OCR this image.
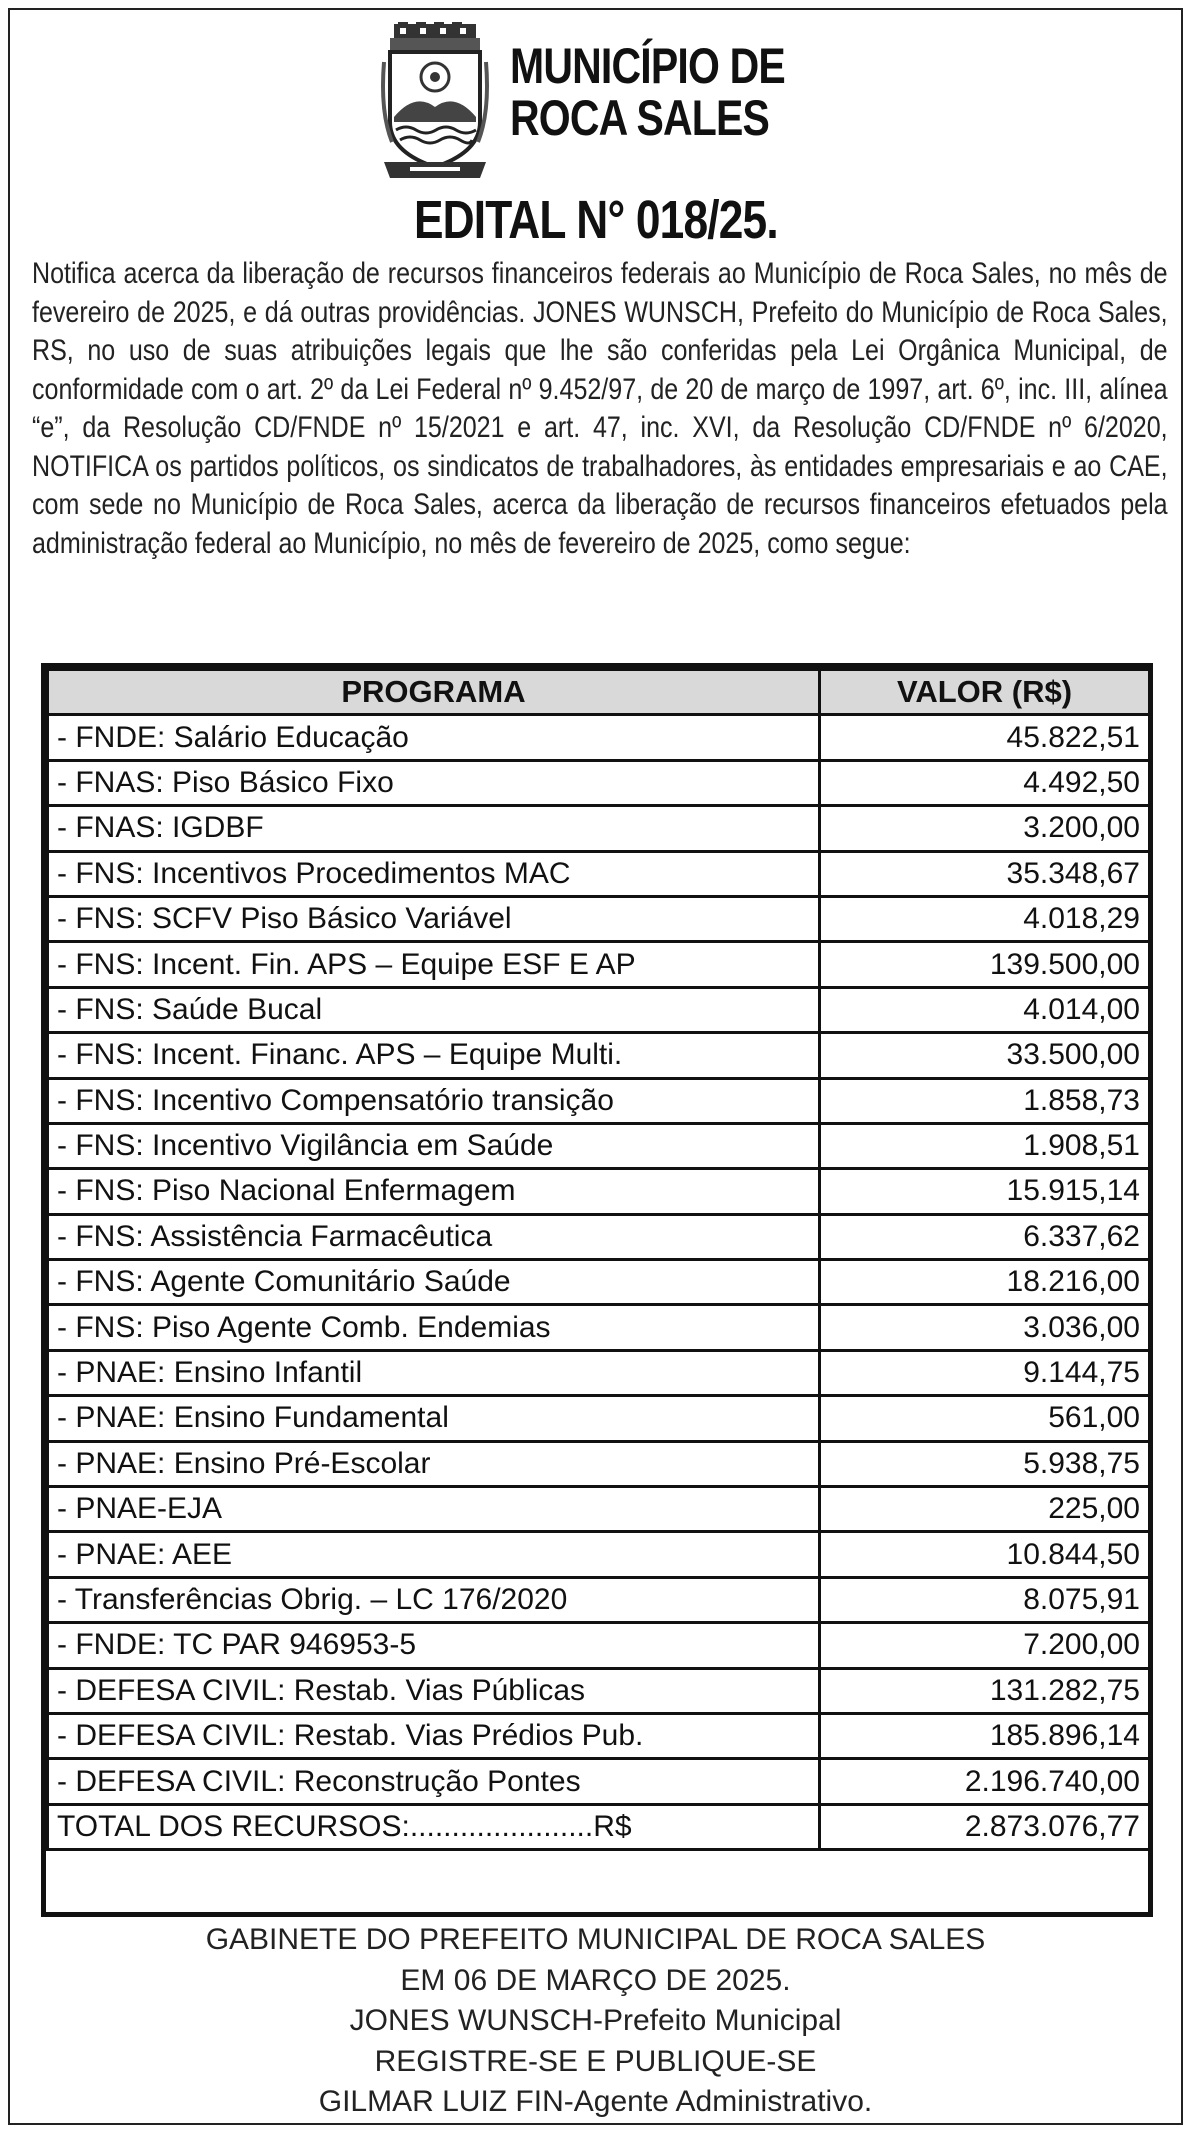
MUNICÍPIO DE
ROCA SALES
EDITAL N° 018/25.
Notifica acerca da liberação de recursos financeiros federais ao Município de Roca Sales, no mês de fevereiro de 2025, e dá outras providências. JONES WUNSCH, Prefeito do Município de Roca Sales, RS, no uso de suas atribuições legais que lhe são conferidas pela Lei Orgânica Municipal, de conformidade com o art. 2º da Lei Federal nº 9.452/97, de 20 de março de 1997, art. 6º, inc. III, alínea “e”, da Resolução CD/FNDE nº 15/2021 e art. 47, inc. XVI, da Resolução CD/FNDE nº 6/2020, NOTIFICA os partidos políticos, os sindicatos de trabalhadores, às entidades empresariais e ao CAE, com sede no Município de Roca Sales, acerca da liberação de recursos financeiros efetuados pela administração federal ao Município, no mês de fevereiro de 2025, como segue:
PROGRAMA	VALOR (R$)
- FNDE: Salário Educação	45.822,51
- FNAS: Piso Básico Fixo	4.492,50
- FNAS: IGDBF	3.200,00
- FNS: Incentivos Procedimentos MAC	35.348,67
- FNS: SCFV Piso Básico Variável	4.018,29
- FNS: Incent. Fin. APS – Equipe ESF E AP	139.500,00
- FNS: Saúde Bucal	4.014,00
- FNS: Incent. Financ. APS – Equipe Multi.	33.500,00
- FNS: Incentivo Compensatório transição	1.858,73
- FNS: Incentivo Vigilância em Saúde	1.908,51
- FNS: Piso Nacional Enfermagem	15.915,14
- FNS: Assistência Farmacêutica	6.337,62
- FNS: Agente Comunitário Saúde	18.216,00
- FNS: Piso Agente Comb. Endemias	3.036,00
- PNAE: Ensino Infantil	9.144,75
- PNAE: Ensino Fundamental	561,00
- PNAE: Ensino Pré-Escolar	5.938,75
- PNAE-EJA	225,00
- PNAE: AEE	10.844,50
- Transferências Obrig. – LC 176/2020	8.075,91
- FNDE: TC PAR 946953-5	7.200,00
- DEFESA CIVIL: Restab. Vias Públicas	131.282,75
- DEFESA CIVIL: Restab. Vias Prédios Pub.	185.896,14
- DEFESA CIVIL: Reconstrução Pontes	2.196.740,00
TOTAL DOS RECURSOS:......................R$	2.873.076,77
GABINETE DO PREFEITO MUNICIPAL DE ROCA SALES
EM 06 DE MARÇO DE 2025.
JONES WUNSCH-Prefeito Municipal
REGISTRE-SE E PUBLIQUE-SE
GILMAR LUIZ FIN-Agente Administrativo.
